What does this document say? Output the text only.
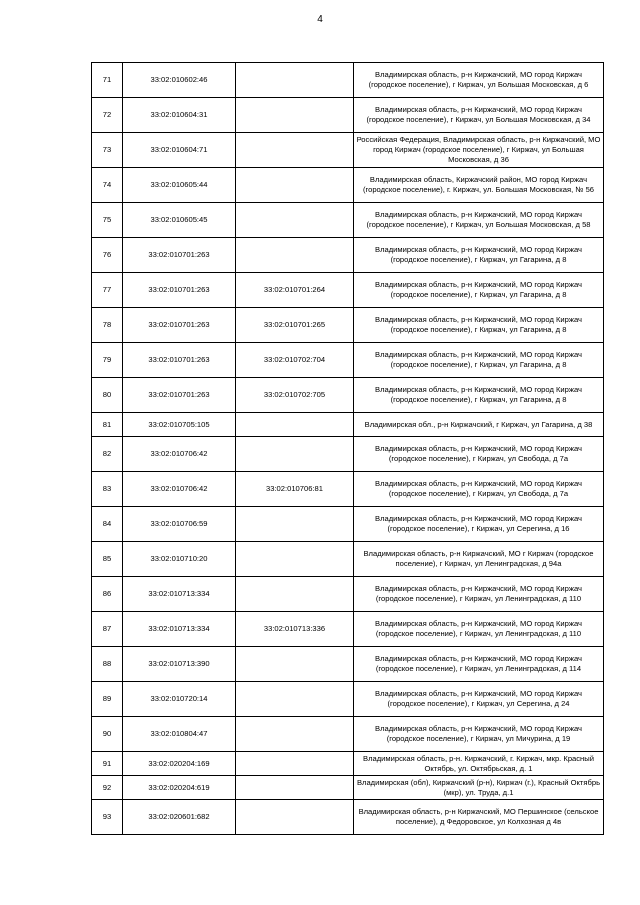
4
71	33:02:010602:46		Владимирская область, р-н Киржачский, МО город Киржач (городское поселение), г Киржач, ул Большая Московская, д 6
72	33:02:010604:31		Владимирская область, р-н Киржачский, МО город Киржач (городское поселение), г Киржач, ул Большая Московская, д 34
73	33:02:010604:71		Российская Федерация, Владимирская область, р-н Киржачский, МО город Киржач (городское поселение), г Киржач, ул Большая Московская, д 36
74	33:02:010605:44		Владимирская область, Киржачский район, МО город Киржач (городское поселение), г. Киржач, ул. Большая Московская, № 56
75	33:02:010605:45		Владимирская область, р-н Киржачский, МО город Киржач (городское поселение), г Киржач, ул Большая Московская, д 58
76	33:02:010701:263		Владимирская область, р-н Киржачский, МО город Киржач (городское поселение), г Киржач, ул Гагарина, д 8
77	33:02:010701:263	33:02:010701:264	Владимирская область, р-н Киржачский, МО город Киржач (городское поселение), г Киржач, ул Гагарина, д 8
78	33:02:010701:263	33:02:010701:265	Владимирская область, р-н Киржачский, МО город Киржач (городское поселение), г Киржач, ул Гагарина, д 8
79	33:02:010701:263	33:02:010702:704	Владимирская область, р-н Киржачский, МО город Киржач (городское поселение), г Киржач, ул Гагарина, д 8
80	33:02:010701:263	33:02:010702:705	Владимирская область, р-н Киржачский, МО город Киржач (городское поселение), г Киржач, ул Гагарина, д 8
81	33:02:010705:105		Владимирская обл., р-н Киржачский, г Киржач, ул Гагарина, д 38
82	33:02:010706:42		Владимирская область, р-н Киржачский, МО город Киржач (городское поселение), г Киржач, ул Свобода, д 7а
83	33:02:010706:42	33:02:010706:81	Владимирская область, р-н Киржачский, МО город Киржач (городское поселение), г Киржач, ул Свобода, д 7а
84	33:02:010706:59		Владимирская область, р-н Киржачский, МО город Киржач (городское поселение), г Киржач, ул Серегина, д 16
85	33:02:010710:20		Владимирская область, р-н Киржачский, МО г Киржач (городское поселение), г Киржач, ул Ленинградская, д 94а
86	33:02:010713:334		Владимирская область, р-н Киржачский, МО город Киржач (городское поселение), г Киржач, ул Ленинградская, д 110
87	33:02:010713:334	33:02:010713:336	Владимирская область, р-н Киржачский, МО город Киржач (городское поселение), г Киржач, ул Ленинградская, д 110
88	33:02:010713:390		Владимирская область, р-н Киржачский, МО город Киржач (городское поселение), г Киржач, ул Ленинградская, д 114
89	33:02:010720:14		Владимирская область, р-н Киржачский, МО город Киржач (городское поселение), г Киржач, ул Серегина, д 24
90	33:02:010804:47		Владимирская область, р-н Киржачский, МО город Киржач (городское поселение), г Киржач, ул Мичурина, д 19
91	33:02:020204:169		Владимирская область, р-н. Киржачский, г. Киржач, мкр. Красный Октябрь, ул. Октябрьская, д. 1
92	33:02:020204:619		Владимирская (обл), Киржачский (р-н), Киржач (г.), Красный Октябрь (мкр), ул. Труда, д.1
93	33:02:020601:682		Владимирская область, р-н Киржачский, МО Першинское (сельское поселение), д Федоровское, ул Колхозная д 4в
